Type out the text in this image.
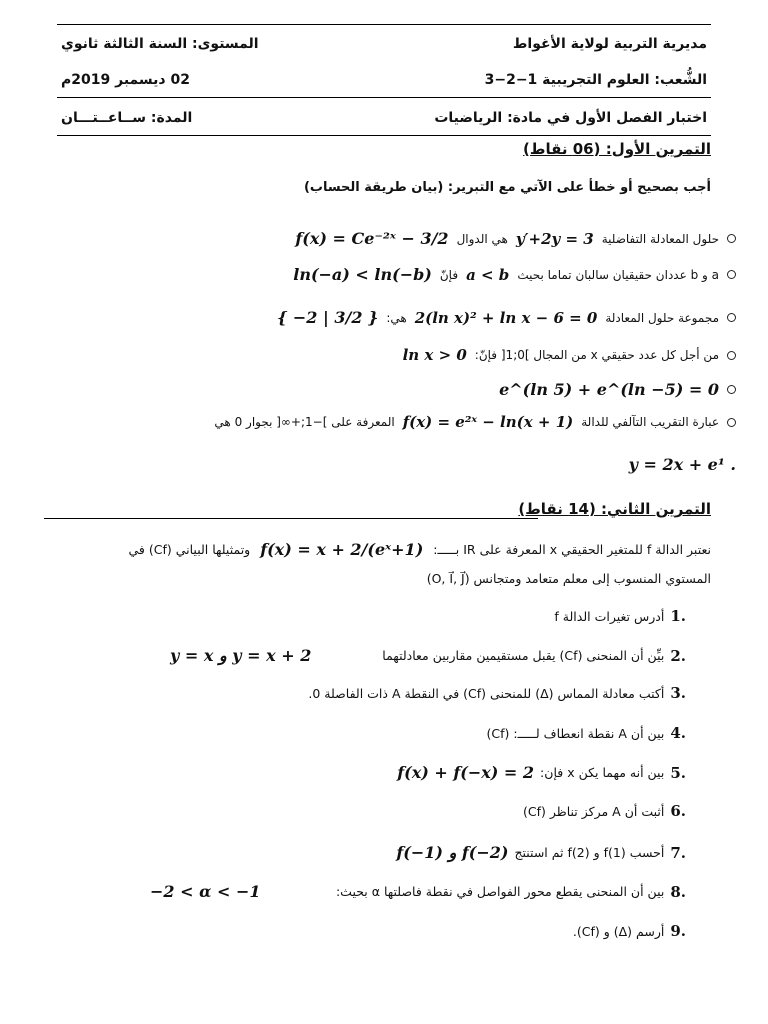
مديرية التربية لولاية الأغواط
المستوى: السنة الثالثة ثانوي
الشُّعب: العلوم التجريبية 1−2−3
02 ديسمبر 2019م
اختبار الفصل الأول في مادة: الرياضيات
المدة: ســاعــتـــان
التمرين الأول: (06 نقاط)
أجب بصحيح أو خطأ على الآتي مع التبرير: (بيان طريقة الحساب)
حلول المعادلة التفاضلية
y′+2y = 3
هي الدوال
f(x) = Ce⁻²ˣ − 3/2
a و b عددان حقيقيان سالبان تماما بحيث
a < b
فإنّ
ln(−a) < ln(−b)
مجموعة حلول المعادلة
2(ln x)² + ln x − 6 = 0
هي:
{ −2 | 3/2 }
من أجل كل عدد حقيقي x من المجال ]0;1[ فإنّ:
ln x > 0
e^(ln 5) + e^(ln −5) = 0
عبارة التقريب التآلفي للدالة
f(x) = e²ˣ − ln(x + 1)
المعرفة على ]−1;+∞[ بجوار 0 هي
y = 2x + e¹ .
التمرين الثاني: (14 نقاط)
نعتبر الدالة f للمتغير الحقيقي x المعرفة على IR بـــــ:
f(x) = x + 2/(eˣ+1)
وتمثيلها البياني (Cf) في
المستوي المنسوب إلى معلم متعامد ومتجانس (O, I⃗, J⃗)
1.
أدرس تغيرات الدالة f
2.
بيِّن أن المنحنى (Cf) يقبل مستقيمين مقاربين معادلتهما
y = x و y = x + 2
3.
أكتب معادلة المماس (Δ) للمنحنى (Cf) في النقطة A ذات الفاصلة 0.
4.
بين أن A نقطة انعطاف لـــــ: (Cf)
5.
بين أنه مهما يكن x فإن:
f(x) + f(−x) = 2
6.
أثبت أن A مركز تناظر (Cf)
7.
أحسب f(1) و f(2) ثم استنتج
f(−1) و f(−2)
8.
بين أن المنحنى يقطع محور الفواصل في نقطة فاصلتها α بحيث:
−2 < α < −1
9.
أرسم (Δ) و (Cf).
